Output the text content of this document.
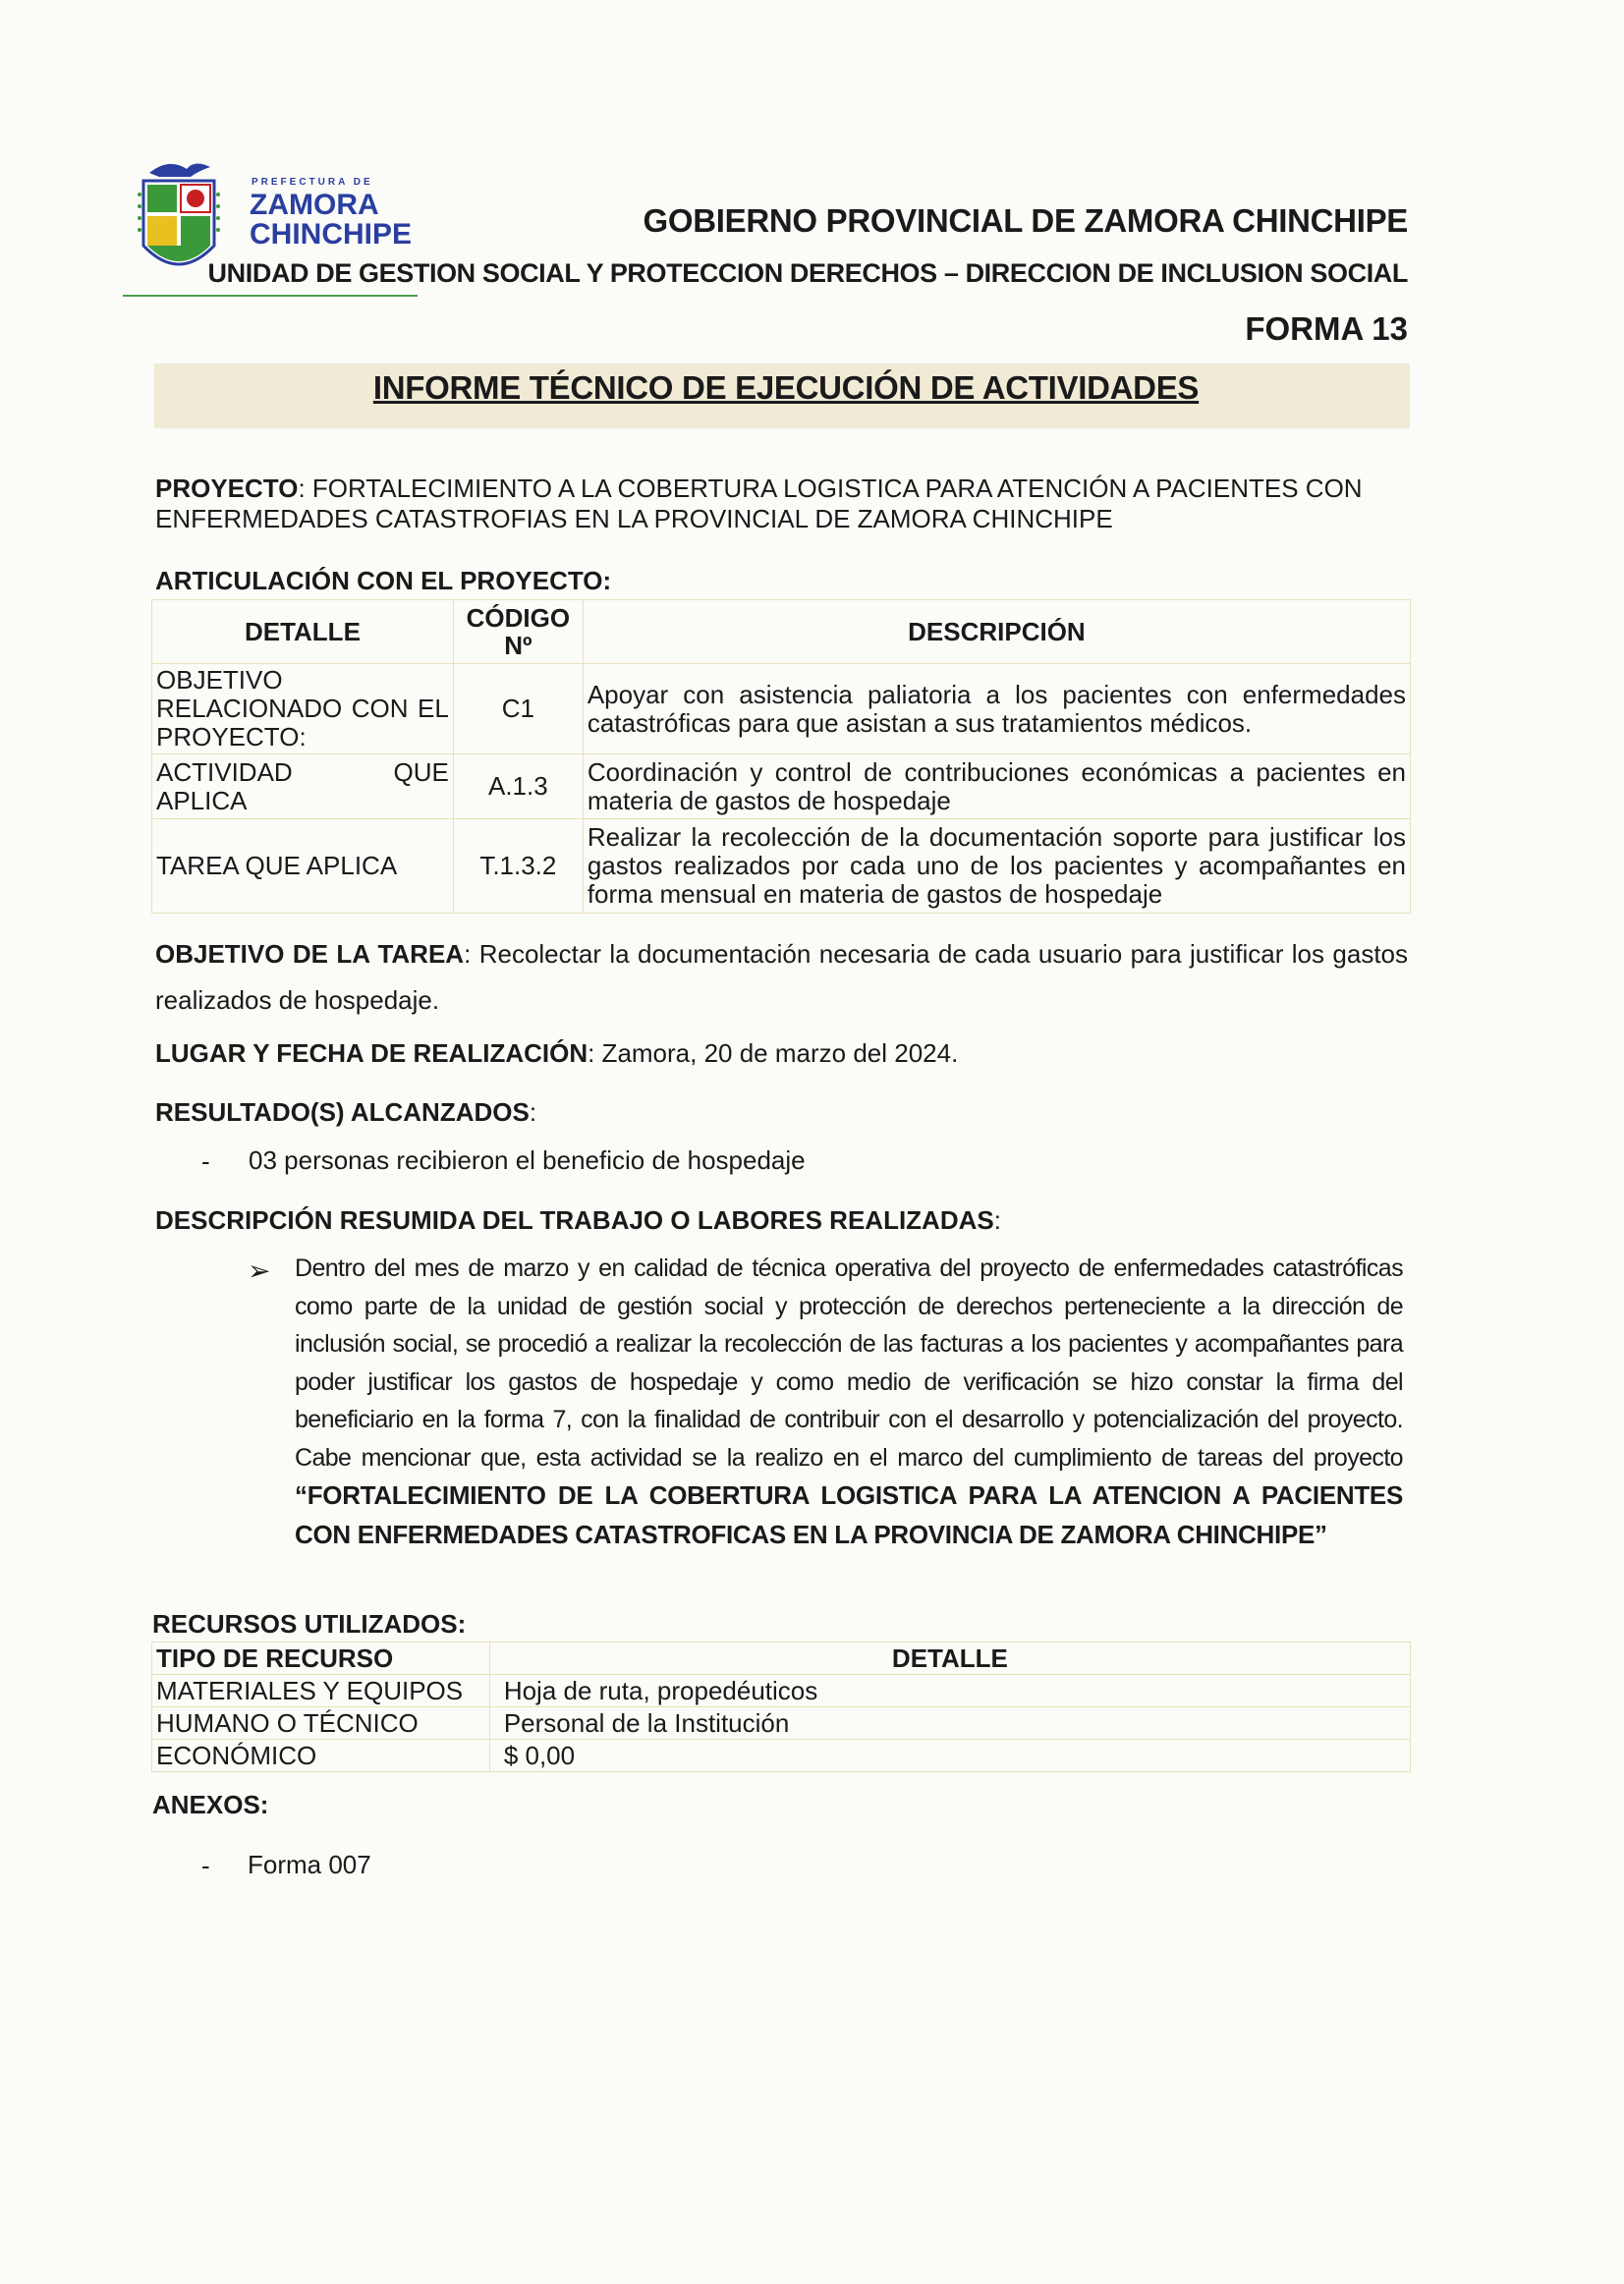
PREFECTURA DE
ZAMORA
CHINCHIPE	GOBIERNO PROVINCIAL DE ZAMORA CHINCHIPE
UNIDAD DE GESTION SOCIAL Y PROTECCION DERECHOS – DIRECCION DE INCLUSION SOCIAL
FORMA 13
INFORME TÉCNICO DE EJECUCIÓN DE ACTIVIDADES
PROYECTO: FORTALECIMIENTO A LA COBERTURA LOGISTICA PARA ATENCIÓN A PACIENTES CON ENFERMEDADES CATASTROFIAS EN LA PROVINCIAL DE ZAMORA CHINCHIPE
ARTICULACIÓN CON EL PROYECTO:
DETALLE	CÓDIGO Nº	DESCRIPCIÓN
OBJETIVO RELACIONADO CON EL PROYECTO:	C1	Apoyar con asistencia paliatoria a los pacientes con enfermedades catastróficas para que asistan a sus tratamientos médicos.
ACTIVIDAD QUE APLICA	A.1.3	Coordinación y control de contribuciones económicas a pacientes en materia de gastos de hospedaje
TAREA QUE APLICA	T.1.3.2	Realizar la recolección de la documentación soporte para justificar los gastos realizados por cada uno de los pacientes y acompañantes en forma mensual en materia de gastos de hospedaje
OBJETIVO DE LA TAREA: Recolectar la documentación necesaria de cada usuario para justificar los gastos realizados de hospedaje.
LUGAR Y FECHA DE REALIZACIÓN: Zamora, 20 de marzo del 2024.
RESULTADO(S) ALCANZADOS:
- 03 personas recibieron el beneficio de hospedaje
DESCRIPCIÓN RESUMIDA DEL TRABAJO O LABORES REALIZADAS:
➢ Dentro del mes de marzo y en calidad de técnica operativa del proyecto de enfermedades catastróficas como parte de la unidad de gestión social y protección de derechos perteneciente a la dirección de inclusión social, se procedió a realizar la recolección de las facturas a los pacientes y acompañantes para poder justificar los gastos de hospedaje y como medio de verificación se hizo constar la firma del beneficiario en la forma 7, con la finalidad de contribuir con el desarrollo y potencialización del proyecto. Cabe mencionar que, esta actividad se la realizo en el marco del cumplimiento de tareas del proyecto “FORTALECIMIENTO DE LA COBERTURA LOGISTICA PARA LA ATENCION A PACIENTES CON ENFERMEDADES CATASTROFICAS EN LA PROVINCIA DE ZAMORA CHINCHIPE”
RECURSOS UTILIZADOS:
TIPO DE RECURSO	DETALLE
MATERIALES Y EQUIPOS	Hoja de ruta, propedéuticos
HUMANO O TÉCNICO	Personal de la Institución
ECONÓMICO	$ 0,00
ANEXOS:
- Forma 007
